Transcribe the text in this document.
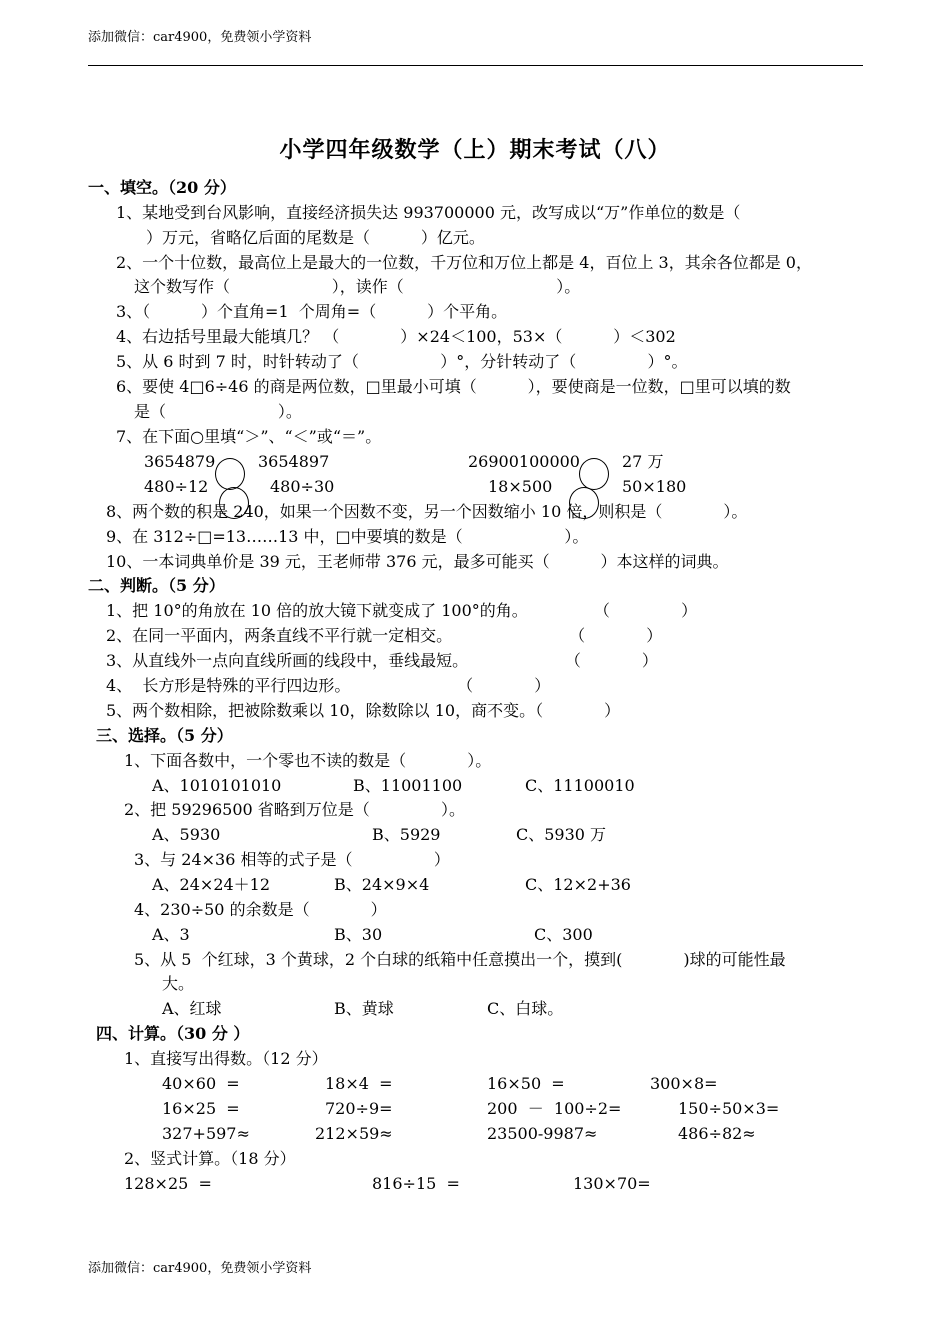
添加微信：car4900，免费领小学资料
小学四年级数学（上）期末考试（八）
一、填空。（20 分）
1、某地受到台风影响，直接经济损失达 993700000 元，改写成以“万”作单位的数是（
）万元，省略亿后面的尾数是（          ）亿元。
2、一个十位数，最高位上是最大的一位数，千万位和万位上都是 4，百位上 3，其余各位都是 0，
这个数写作（                    ），读作（                              ）。
3、（          ）个直角=1  个周角=（          ）个平角。
4、右边括号里最大能填几？ （            ）×24＜100，53×（          ）＜302
5、从 6 时到 7 时，时针转动了（                ）°，分针转动了（              ）°。
6、要使 4□6÷46 的商是两位数，□里最小可填（          ），要使商是一位数，□里可以填的数
是（                      ）。
7、在下面○里填“＞”、“＜”或“＝”。
3654879	3654897	26900100000	27 万
480÷12	480÷30	18×500	50×180
8、两个数的积是 240，如果一个因数不变，另一个因数缩小 10 倍，则积是（            ）。
9、在 312÷□=13……13 中，□中要填的数是（                    ）。
10、一本词典单价是 39 元，王老师带 376 元，最多可能买（          ）本这样的词典。
二、判断。（5 分）
1、把 10°的角放在 10 倍的放大镜下就变成了 100°的角。             （              ）
2、在同一平面内，两条直线不平行就一定相交。                       （            ）
3、从直线外一点向直线所画的线段中，垂线最短。                   （            ）
4、  长方形是特殊的平行四边形。                     （            ）
5、两个数相除，把被除数乘以 10，除数除以 10，商不变。（            ）
三、选择。（5 分）
1、下面各数中，一个零也不读的数是（            ）。
A、1010101010	B、11001100	C、11100010
2、把 59296500 省略到万位是（              ）。
A、5930	B、5929	C、5930 万
3、与 24×36 相等的式子是（                ）
A、24×24＋12	B、24×9×4	C、12×2+36
4、230÷50 的余数是（            ）
A、3	B、30	C、300
5、从 5  个红球，3 个黄球，2 个白球的纸箱中任意摸出一个，摸到(            )球的可能性最
大。
A、红球	B、黄球	C、白球。
四、计算。（30 分 ）
1、直接写出得数。（12 分）
40×60  =	18×4  =	16×50  =	300×8=
16×25  =	720÷9=	200  －  100÷2=	150÷50×3=
327+597≈	212×59≈	23500-9987≈	486÷82≈
2、竖式计算。（18 分）
128×25  =	816÷15  =	130×70=
添加微信：car4900，免费领小学资料
